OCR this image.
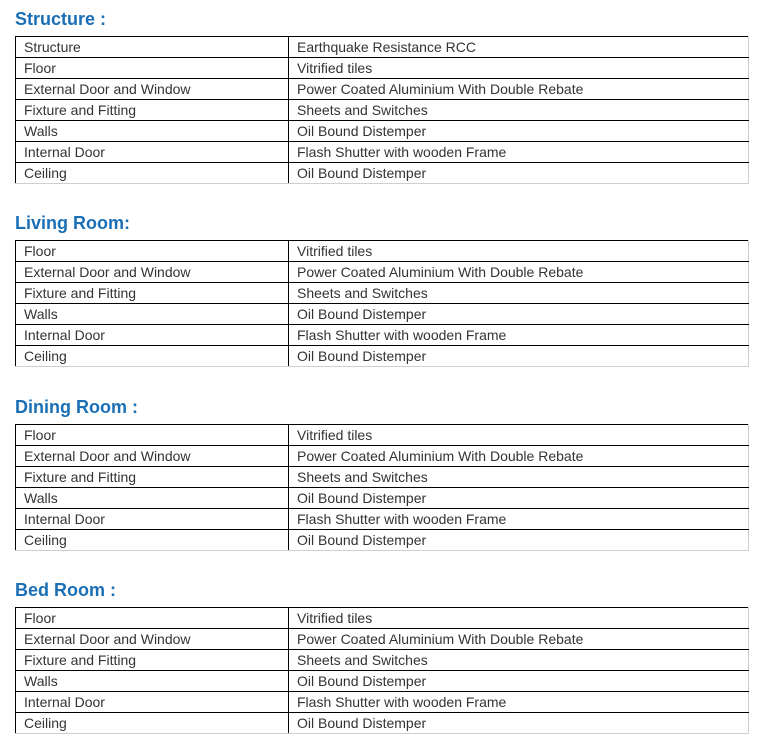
Structure :
Structure	Earthquake Resistance RCC
Floor	Vitrified tiles
External Door and Window	Power Coated Aluminium With Double Rebate
Fixture and Fitting	Sheets and Switches
Walls	Oil Bound Distemper
Internal Door	Flash Shutter with wooden Frame
Ceiling	Oil Bound Distemper
Living Room:
Floor	Vitrified tiles
External Door and Window	Power Coated Aluminium With Double Rebate
Fixture and Fitting	Sheets and Switches
Walls	Oil Bound Distemper
Internal Door	Flash Shutter with wooden Frame
Ceiling	Oil Bound Distemper
Dining Room :
Floor	Vitrified tiles
External Door and Window	Power Coated Aluminium With Double Rebate
Fixture and Fitting	Sheets and Switches
Walls	Oil Bound Distemper
Internal Door	Flash Shutter with wooden Frame
Ceiling	Oil Bound Distemper
Bed Room :
Floor	Vitrified tiles
External Door and Window	Power Coated Aluminium With Double Rebate
Fixture and Fitting	Sheets and Switches
Walls	Oil Bound Distemper
Internal Door	Flash Shutter with wooden Frame
Ceiling	Oil Bound Distemper
